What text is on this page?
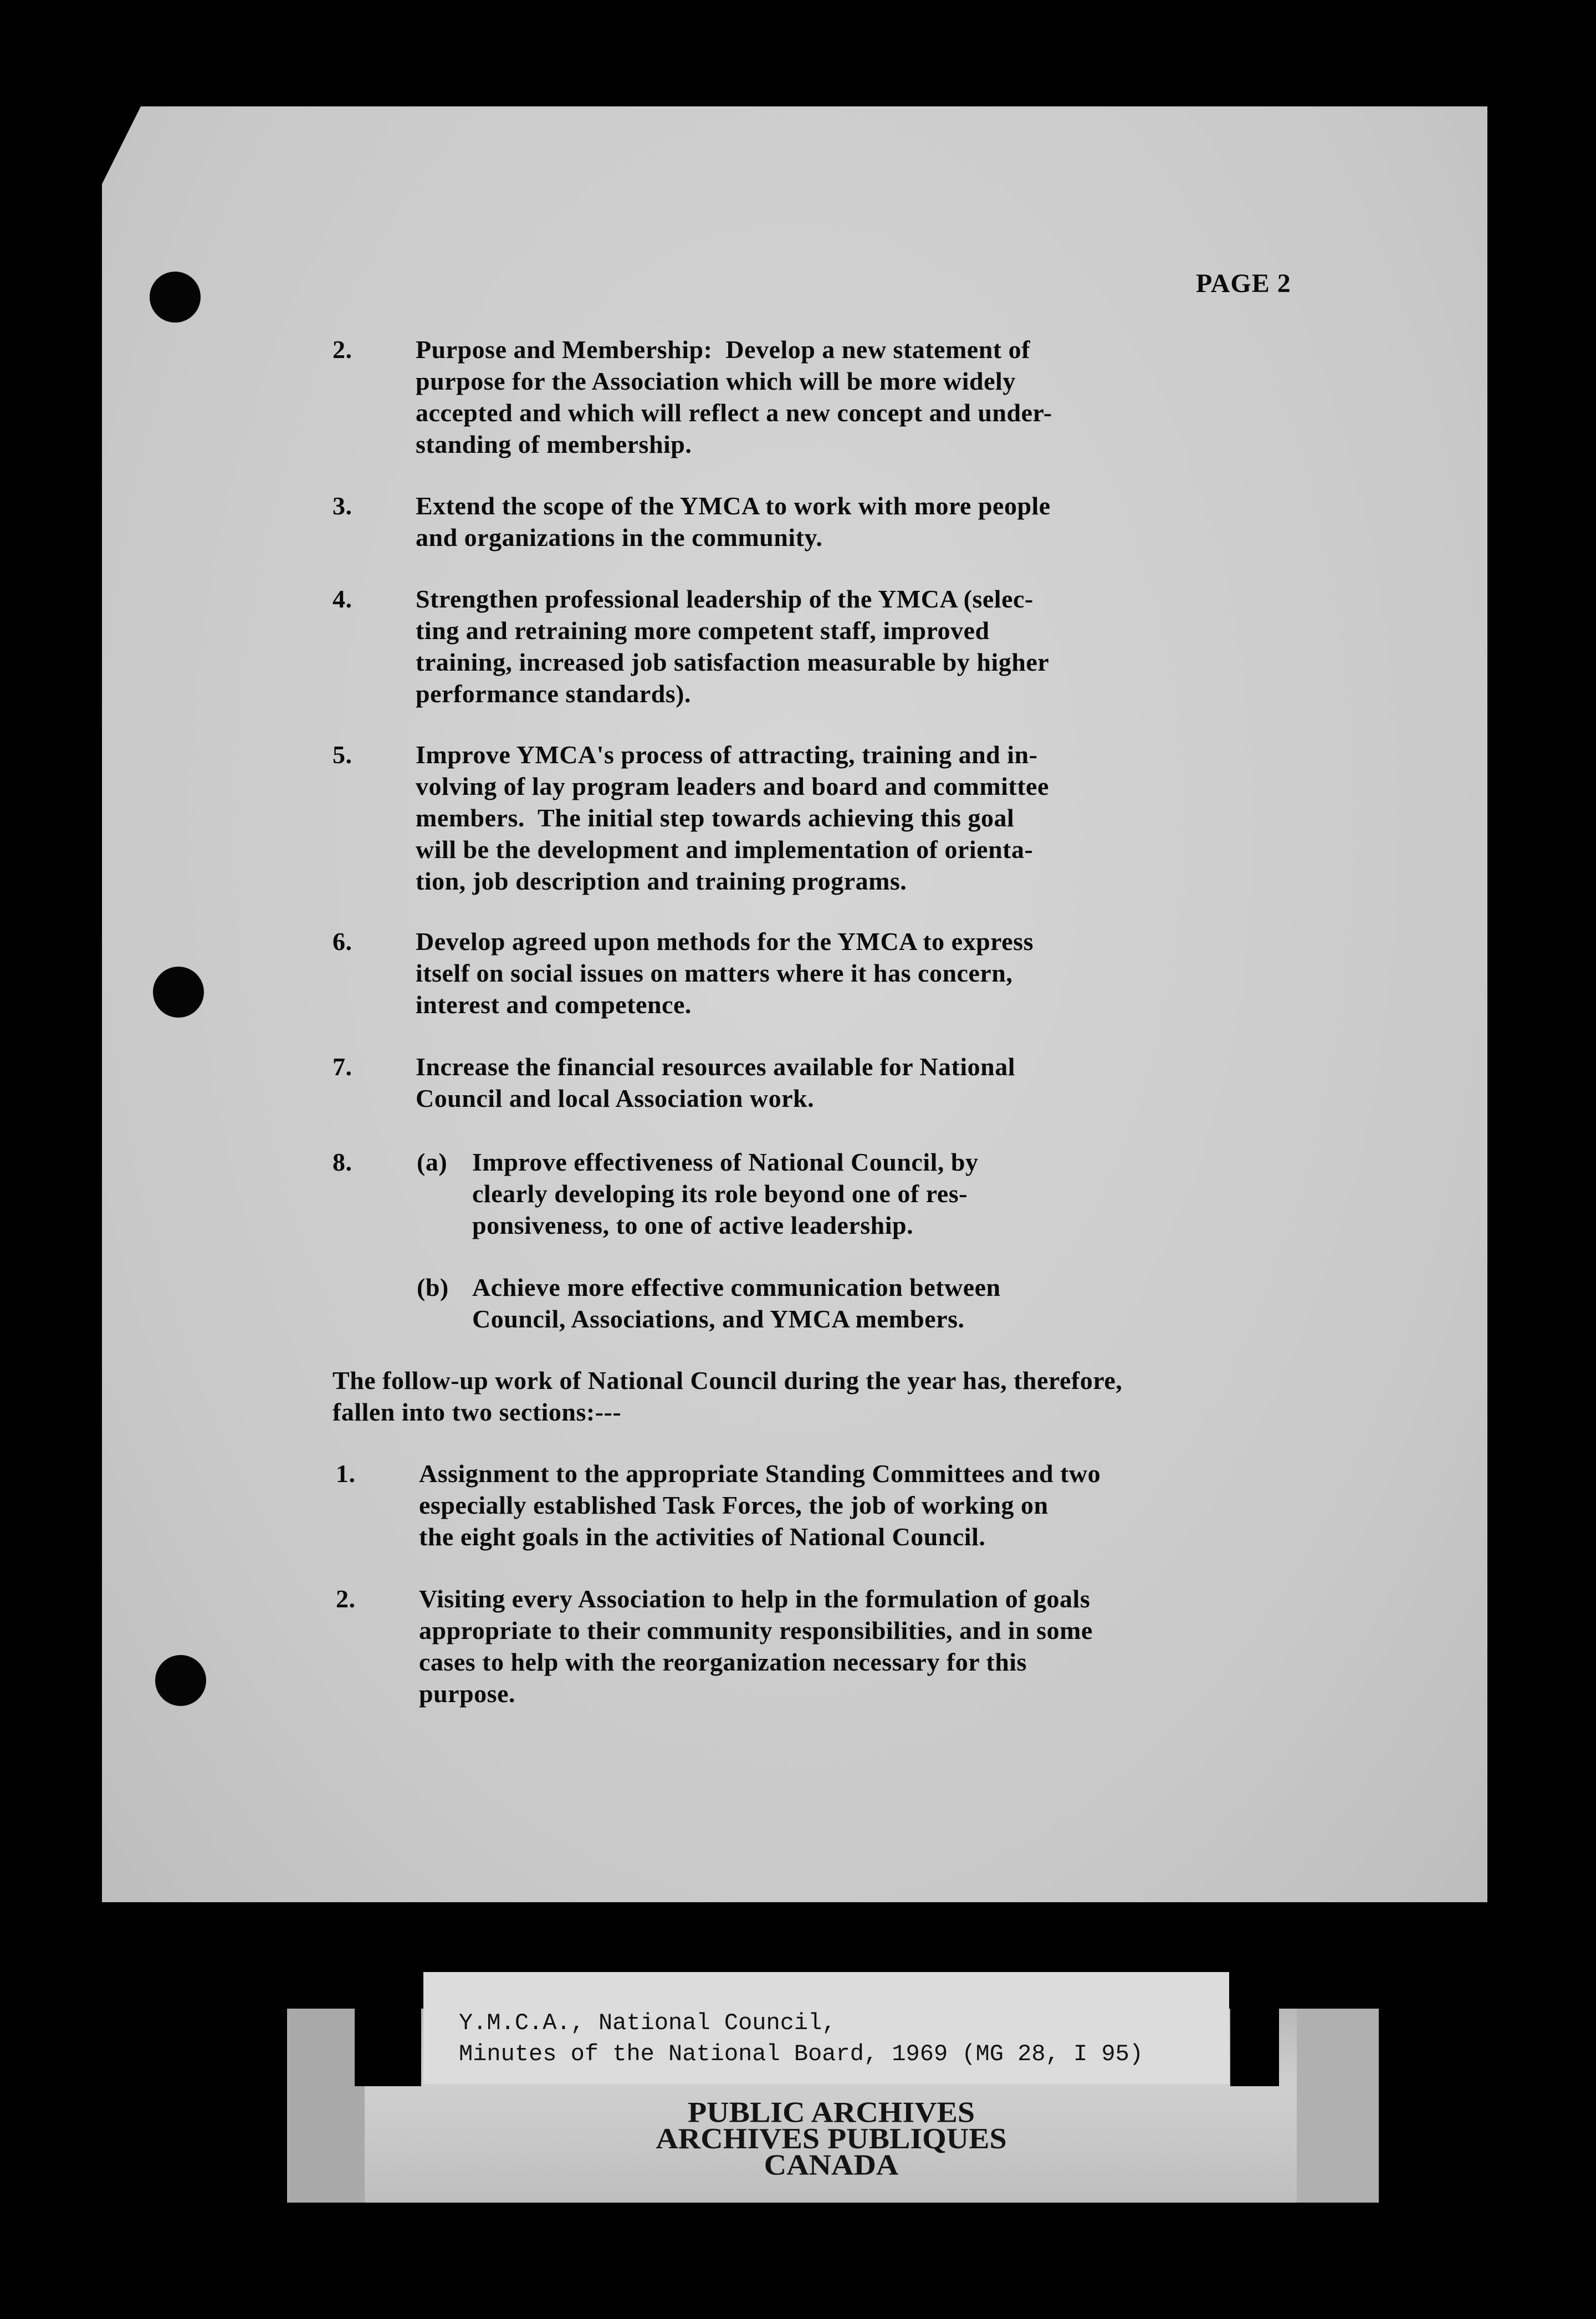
PAGE 2
2. Purpose and Membership:  Develop a new statement of
purpose for the Association which will be more widely
accepted and which will reflect a new concept and under-
standing of membership.
3. Extend the scope of the YMCA to work with more people
and organizations in the community.
4. Strengthen professional leadership of the YMCA (selec-
ting and retraining more competent staff, improved
training, increased job satisfaction measurable by higher
performance standards).
5. Improve YMCA's process of attracting, training and in-
volving of lay program leaders and board and committee
members.  The initial step towards achieving this goal
will be the development and implementation of orienta-
tion, job description and training programs.
6. Develop agreed upon methods for the YMCA to express
itself on social issues on matters where it has concern,
interest and competence.
7. Increase the financial resources available for National
Council and local Association work.
8.	(a) Improve effectiveness of National Council, by
clearly developing its role beyond one of res-
ponsiveness, to one of active leadership.
(b) Achieve more effective communication between
Council, Associations, and YMCA members.
The follow-up work of National Council during the year has, therefore,
fallen into two sections:---
1. Assignment to the appropriate Standing Committees and two
especially established Task Forces, the job of working on
the eight goals in the activities of National Council.
2. Visiting every Association to help in the formulation of goals
appropriate to their community responsibilities, and in some
cases to help with the reorganization necessary for this
purpose.
Y.M.C.A., National Council,
Minutes of the National Board, 1969 (MG 28, I 95)
PUBLIC ARCHIVES
ARCHIVES PUBLIQUES
CANADA
